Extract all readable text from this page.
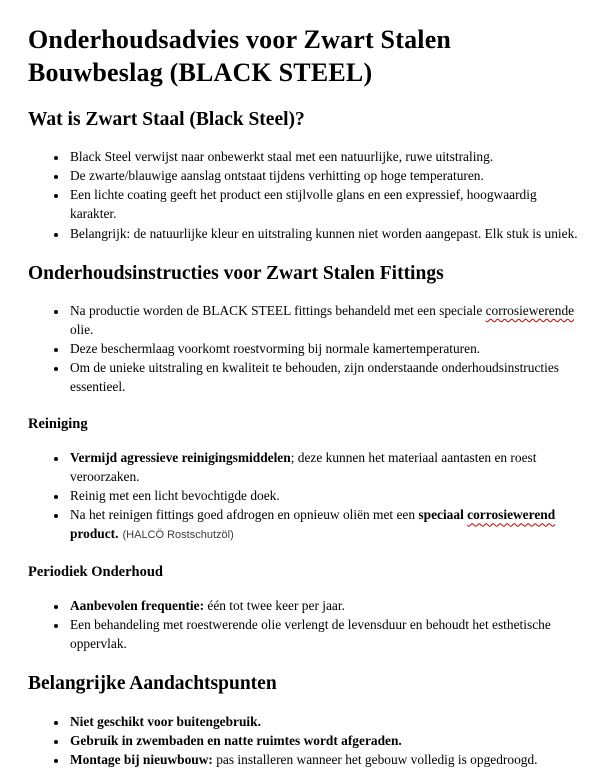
Onderhoudsadvies voor Zwart Stalen Bouwbeslag (BLACK STEEL)
Wat is Zwart Staal (Black Steel)?
• Black Steel verwijst naar onbewerkt staal met een natuurlijke, ruwe uitstraling.
• De zwarte/blauwige aanslag ontstaat tijdens verhitting op hoge temperaturen.
• Een lichte coating geeft het product een stijlvolle glans en een expressief, hoogwaardig karakter.
• Belangrijk: de natuurlijke kleur en uitstraling kunnen niet worden aangepast. Elk stuk is uniek.
Onderhoudsinstructies voor Zwart Stalen Fittings
• Na productie worden de BLACK STEEL fittings behandeld met een speciale corrosiewerende olie.
• Deze beschermlaag voorkomt roestvorming bij normale kamertemperaturen.
• Om de unieke uitstraling en kwaliteit te behouden, zijn onderstaande onderhoudsinstructies essentieel.
Reiniging
• Vermijd agressieve reinigingsmiddelen; deze kunnen het materiaal aantasten en roest veroorzaken.
• Reinig met een licht bevochtigde doek.
• Na het reinigen fittings goed afdrogen en opnieuw oliën met een speciaal corrosiewerend product. (HALCÖ Rostschutzöl)
Periodiek Onderhoud
• Aanbevolen frequentie: één tot twee keer per jaar.
• Een behandeling met roestwerende olie verlengt de levensduur en behoudt het esthetische oppervlak.
Belangrijke Aandachtspunten
• Niet geschikt voor buitengebruik.
• Gebruik in zwembaden en natte ruimtes wordt afgeraden.
• Montage bij nieuwbouw: pas installeren wanneer het gebouw volledig is opgedroogd.
